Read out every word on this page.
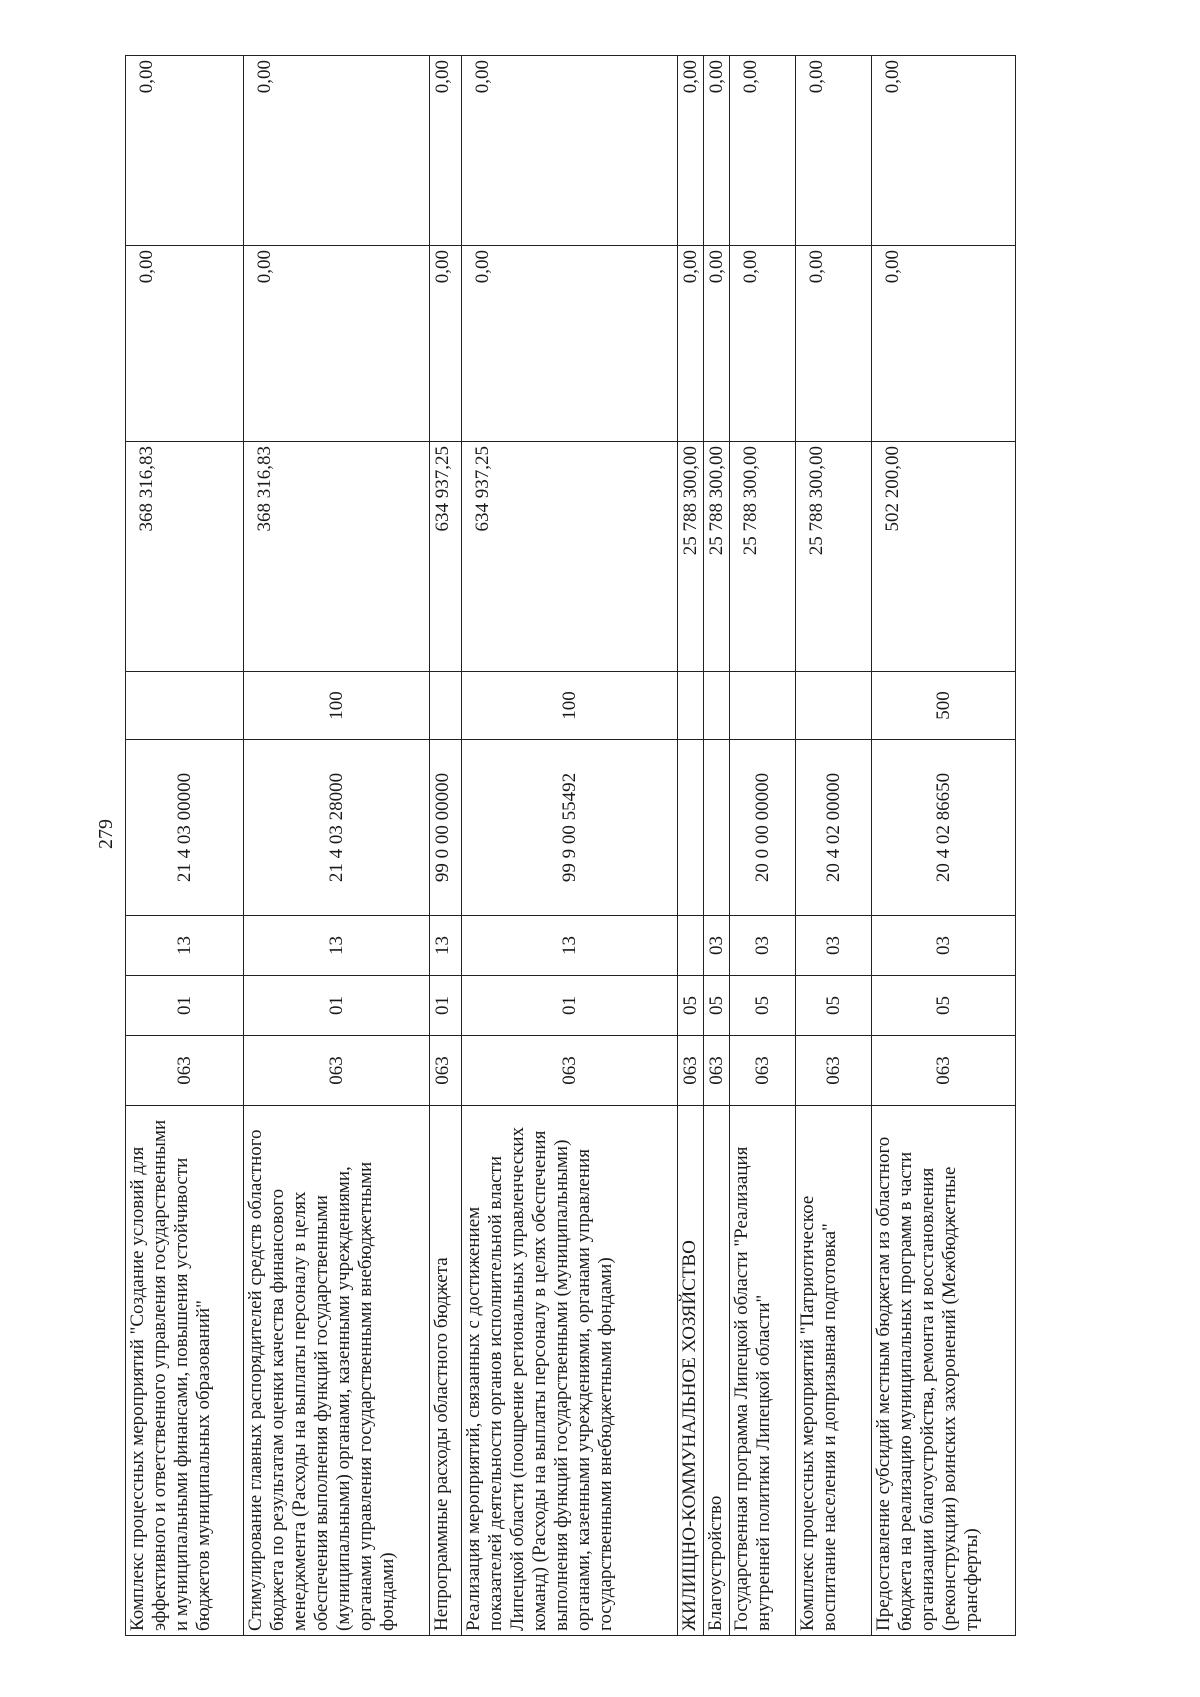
279
Комплекс процессных мероприятий "Создание условий для эффективного и ответственного управления государственными и муниципальными финансами, повышения устойчивости бюджетов муниципальных образований"	063	01	13	21 4 03 00000		368 316,83	0,00	0,00
Стимулирование главных распорядителей средств областного бюджета по результатам оценки качества финансового менеджмента (Расходы на выплаты персоналу в целях обеспечения выполнения функций государственными (муниципальными) органами, казенными учреждениями, органами управления государственными внебюджетными фондами)	063	01	13	21 4 03 28000	100	368 316,83	0,00	0,00
Непрограммные расходы областного бюджета	063	01	13	99 0 00 00000		634 937,25	0,00	0,00
Реализация мероприятий, связанных с достижением показателей деятельности органов исполнительной власти Липецкой области (поощрение региональных управленческих команд) (Расходы на выплаты персоналу в целях обеспечения выполнения функций государственными (муниципальными) органами, казенными учреждениями, органами управления государственными внебюджетными фондами)	063	01	13	99 9 00 55492	100	634 937,25	0,00	0,00
ЖИЛИЩНО-КОММУНАЛЬНОЕ ХОЗЯЙСТВО	063	05				25 788 300,00	0,00	0,00
Благоустройство	063	05	03			25 788 300,00	0,00	0,00
Государственная программа Липецкой области "Реализация внутренней политики Липецкой области"	063	05	03	20 0 00 00000		25 788 300,00	0,00	0,00
Комплекс процессных мероприятий "Патриотическое воспитание населения и допризывная подготовка"	063	05	03	20 4 02 00000		25 788 300,00	0,00	0,00
Предоставление субсидий местным бюджетам из областного бюджета на реализацию муниципальных программ в части организации благоустройства, ремонта и восстановления (реконструкции) воинских захоронений (Межбюджетные трансферты)	063	05	03	20 4 02 86650	500	502 200,00	0,00	0,00
